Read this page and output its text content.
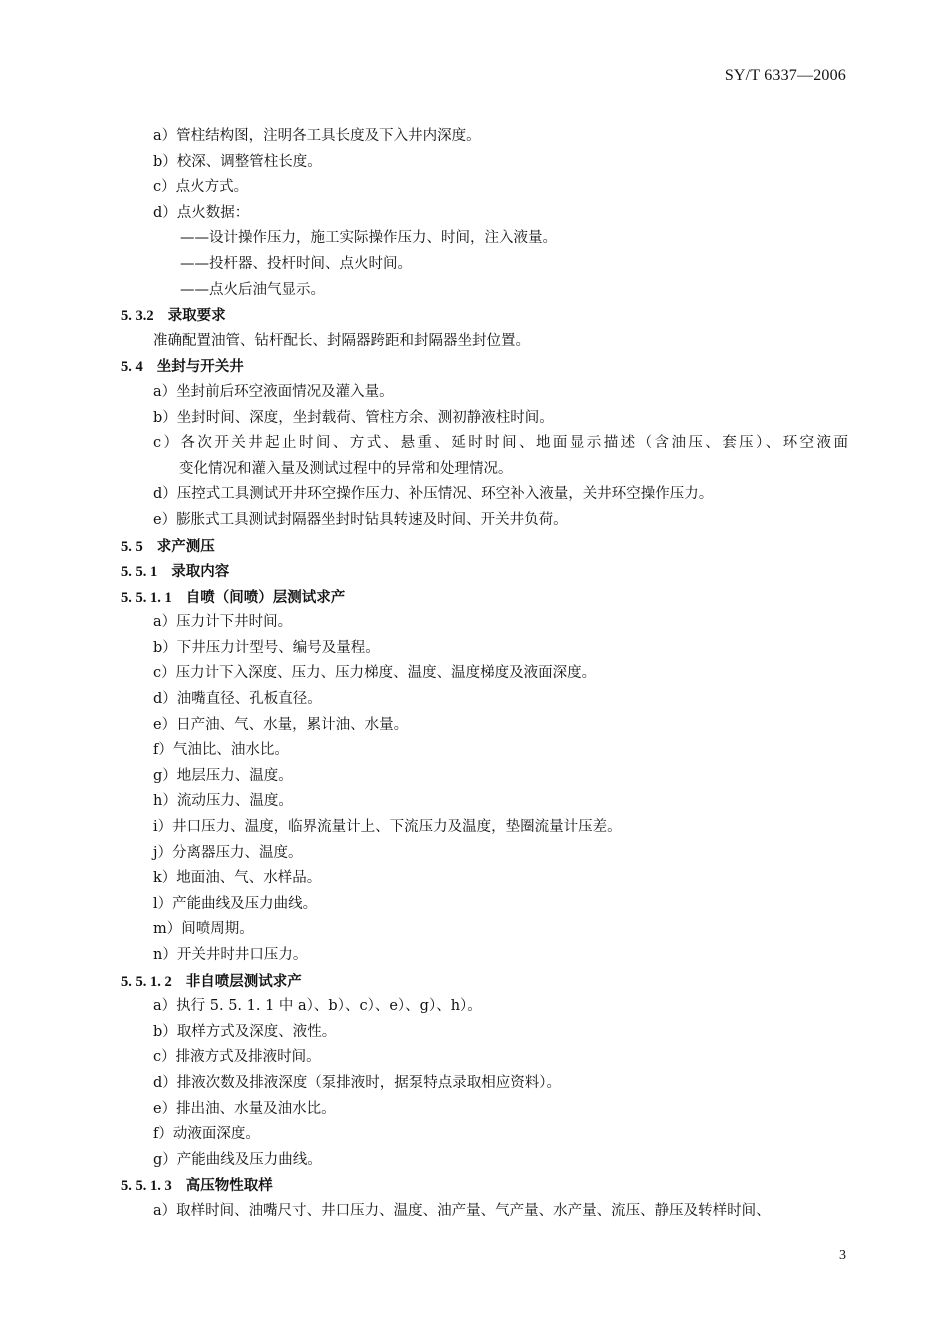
SY/T 6337—2006
a）管柱结构图，注明各工具长度及下入井内深度。
b）校深、调整管柱长度。
c）点火方式。
d）点火数据：
——设计操作压力，施工实际操作压力、时间，注入液量。
——投杆器、投杆时间、点火时间。
——点火后油气显示。
5. 3.2 录取要求
准确配置油管、钻杆配长、封隔器跨距和封隔器坐封位置。
5. 4 坐封与开关井
a）坐封前后环空液面情况及灌入量。
b）坐封时间、深度，坐封载荷、管柱方余、测初静液柱时间。
c）各次开关井起止时间、方式、悬重、延时时间、地面显示描述（含油压、套压）、环空液面
变化情况和灌入量及测试过程中的异常和处理情况。
d）压控式工具测试开井环空操作压力、补压情况、环空补入液量，关井环空操作压力。
e）膨胀式工具测试封隔器坐封时钻具转速及时间、开关井负荷。
5. 5 求产测压
5. 5. 1 录取内容
5. 5. 1. 1 自喷（间喷）层测试求产
a）压力计下井时间。
b）下井压力计型号、编号及量程。
c）压力计下入深度、压力、压力梯度、温度、温度梯度及液面深度。
d）油嘴直径、孔板直径。
e）日产油、气、水量，累计油、水量。
f）气油比、油水比。
g）地层压力、温度。
h）流动压力、温度。
i）井口压力、温度，临界流量计上、下流压力及温度，垫圈流量计压差。
j）分离器压力、温度。
k）地面油、气、水样品。
l）产能曲线及压力曲线。
m）间喷周期。
n）开关井时井口压力。
5. 5. 1. 2 非自喷层测试求产
a）执行 5. 5. 1. 1 中 a）、b）、c）、e）、g）、h）。
b）取样方式及深度、液性。
c）排液方式及排液时间。
d）排液次数及排液深度（泵排液时，据泵特点录取相应资料）。
e）排出油、水量及油水比。
f）动液面深度。
g）产能曲线及压力曲线。
5. 5. 1. 3 高压物性取样
a）取样时间、油嘴尺寸、井口压力、温度、油产量、气产量、水产量、流压、静压及转样时间、
3
